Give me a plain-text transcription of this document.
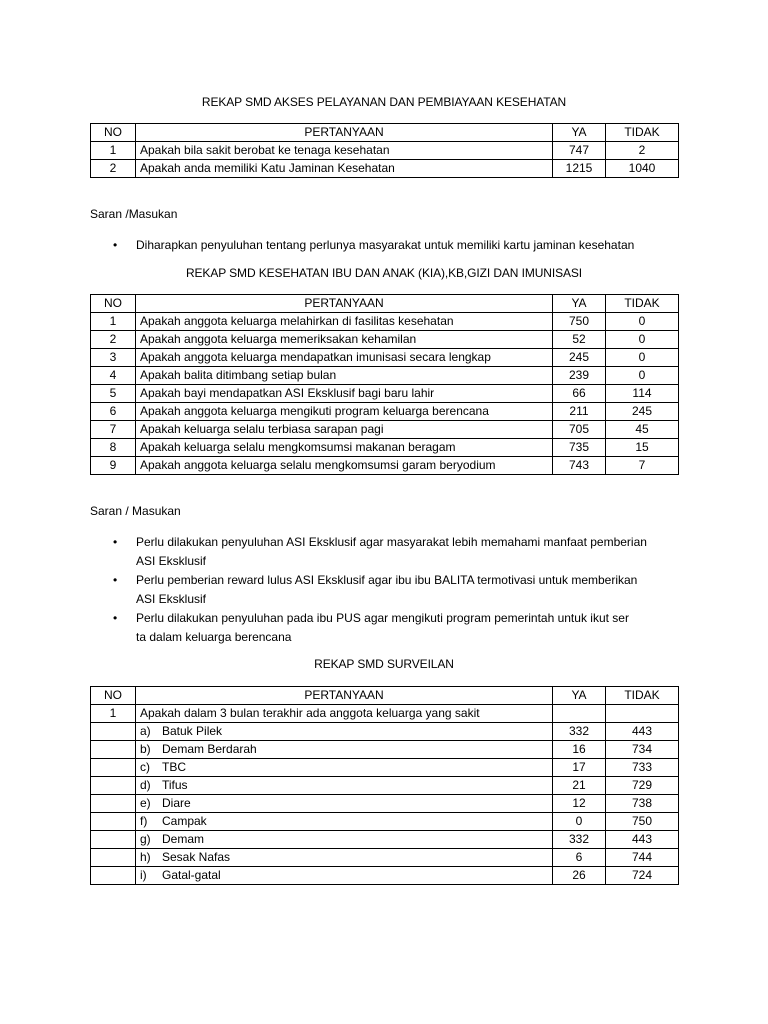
REKAP SMD AKSES PELAYANAN DAN PEMBIAYAAN KESEHATAN
NO	PERTANYAAN	YA	TIDAK
1	Apakah bila sakit berobat ke tenaga kesehatan	747	2
2	Apakah anda memiliki Katu Jaminan Kesehatan	1215	1040
Saran /Masukan
• Diharapkan penyuluhan tentang perlunya masyarakat untuk memiliki kartu jaminan kesehatan
REKAP SMD KESEHATAN IBU DAN ANAK (KIA),KB,GIZI DAN IMUNISASI
NO	PERTANYAAN	YA	TIDAK
1	Apakah anggota keluarga melahirkan di fasilitas kesehatan	750	0
2	Apakah anggota keluarga memeriksakan kehamilan	52	0
3	Apakah anggota keluarga mendapatkan imunisasi secara lengkap	245	0
4	Apakah balita ditimbang setiap bulan	239	0
5	Apakah bayi mendapatkan ASI Eksklusif bagi baru lahir	66	114
6	Apakah anggota keluarga mengikuti program keluarga berencana	211	245
7	Apakah keluarga selalu terbiasa sarapan pagi	705	45
8	Apakah keluarga selalu mengkomsumsi makanan beragam	735	15
9	Apakah anggota keluarga selalu mengkomsumsi garam beryodium	743	7
Saran / Masukan
• Perlu dilakukan penyuluhan ASI Eksklusif agar masyarakat lebih memahami manfaat pemberian
ASI Eksklusif
• Perlu pemberian reward lulus ASI Eksklusif agar ibu ibu BALITA termotivasi untuk memberikan
ASI Eksklusif
• Perlu dilakukan penyuluhan pada ibu PUS agar mengikuti program pemerintah untuk ikut ser
ta dalam keluarga berencana
REKAP SMD SURVEILAN
NO	PERTANYAAN	YA	TIDAK
1	Apakah dalam 3 bulan terakhir ada anggota keluarga yang sakit		
	a) Batuk Pilek	332	443
	b) Demam Berdarah	16	734
	c) TBC	17	733
	d) Tifus	21	729
	e) Diare	12	738
	f) Campak	0	750
	g) Demam	332	443
	h) Sesak Nafas	6	744
	i) Gatal-gatal	26	724
